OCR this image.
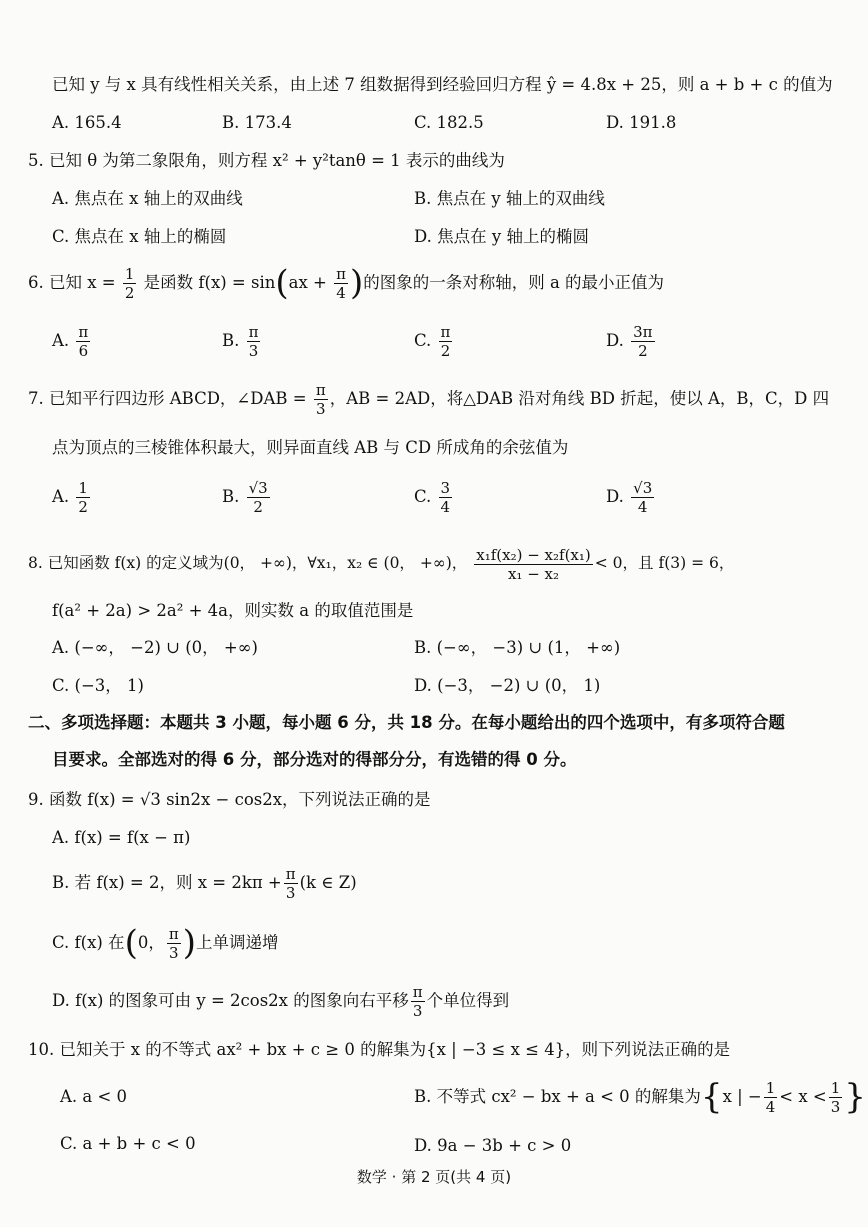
已知 y 与 x 具有线性相关关系，由上述 7 组数据得到经验回归方程 ŷ = 4.8x + 25，则 a + b + c 的值为
A. 165.4	B. 173.4	C. 182.5	D. 191.8
5. 已知 θ 为第二象限角，则方程 x² + y²tanθ = 1 表示的曲线为
A. 焦点在 x 轴上的双曲线	B. 焦点在 y 轴上的双曲线
C. 焦点在 x 轴上的椭圆	D. 焦点在 y 轴上的椭圆
6. 已知 $x = \frac{1}{2}$ 是函数 $f(x) = \sin(ax + \frac{\pi}{4}$ )的图象的一条对称轴，则 a 的最小正值为
A. $\frac{\pi}{6}$	B. $\frac{\pi}{3}$	C. $\frac{\pi}{2}$	D. $\frac{3\pi}{2}$
7. 已知平行四边形 ABCD，∠DAB = $\frac{\pi}{3}$ ，AB = 2AD，将△DAB 沿对角线 BD 折起，使以 A，B，C，D 四
点为顶点的三棱锥体积最大，则异面直线 AB 与 CD 所成角的余弦值为
A. $\frac{1}{2}$	B. $\frac{√3}{2}$	C. $\frac{3}{4}$	D. $\frac{√3}{4}$
8. 已知函数 f(x) 的定义域为(0， +∞)，∀x₁，x₂ ∈ (0， +∞)， $\frac{\text{x₁f(x₂) − x₂f(x₁)}}{\text{x₁ − x₂}} < 0$，且 f(3) = 6，
f(a² + 2a) > 2a² + 4a，则实数 a 的取值范围是
A. (−∞， −2) ∪ (0， +∞)	B. (−∞， −3) ∪ (1， +∞)
C. (−3， 1)	D. (−3， −2) ∪ (0， 1)
二、多项选择题：本题共 3 小题，每小题 6 分，共 18 分。在每小题给出的四个选项中，有多项符合题
目要求。全部选对的得 6 分，部分选对的得部分分，有选错的得 0 分。
9. 函数 f(x) = √3 sin2x − cos2x，下列说法正确的是
A. f(x) = f(x − π)
B. 若 f(x) = 2，则 $x = 2k\pi + \frac{\pi}{3} (k$ ∈ Z)
C. f(x) 在(0， $\frac{\pi}{3}$ )上单调递增
D. f(x) 的图象可由 y = 2cos2x 的图象向右平移 $\frac{\pi}{3}$ 个单位得到
10. 已知关于 x 的不等式 ax² + bx + c ≥ 0 的解集为{x | −3 ≤ x ≤ 4}，则下列说法正确的是
A. a < 0	B. 不等式 cx² − bx + a < 0 的解集为{x | − $\frac{1}{4} < x < \frac{1}{3}$ }
C. a + b + c < 0	D. 9a − 3b + c > 0
数学 · 第 2 页(共 4 页)
